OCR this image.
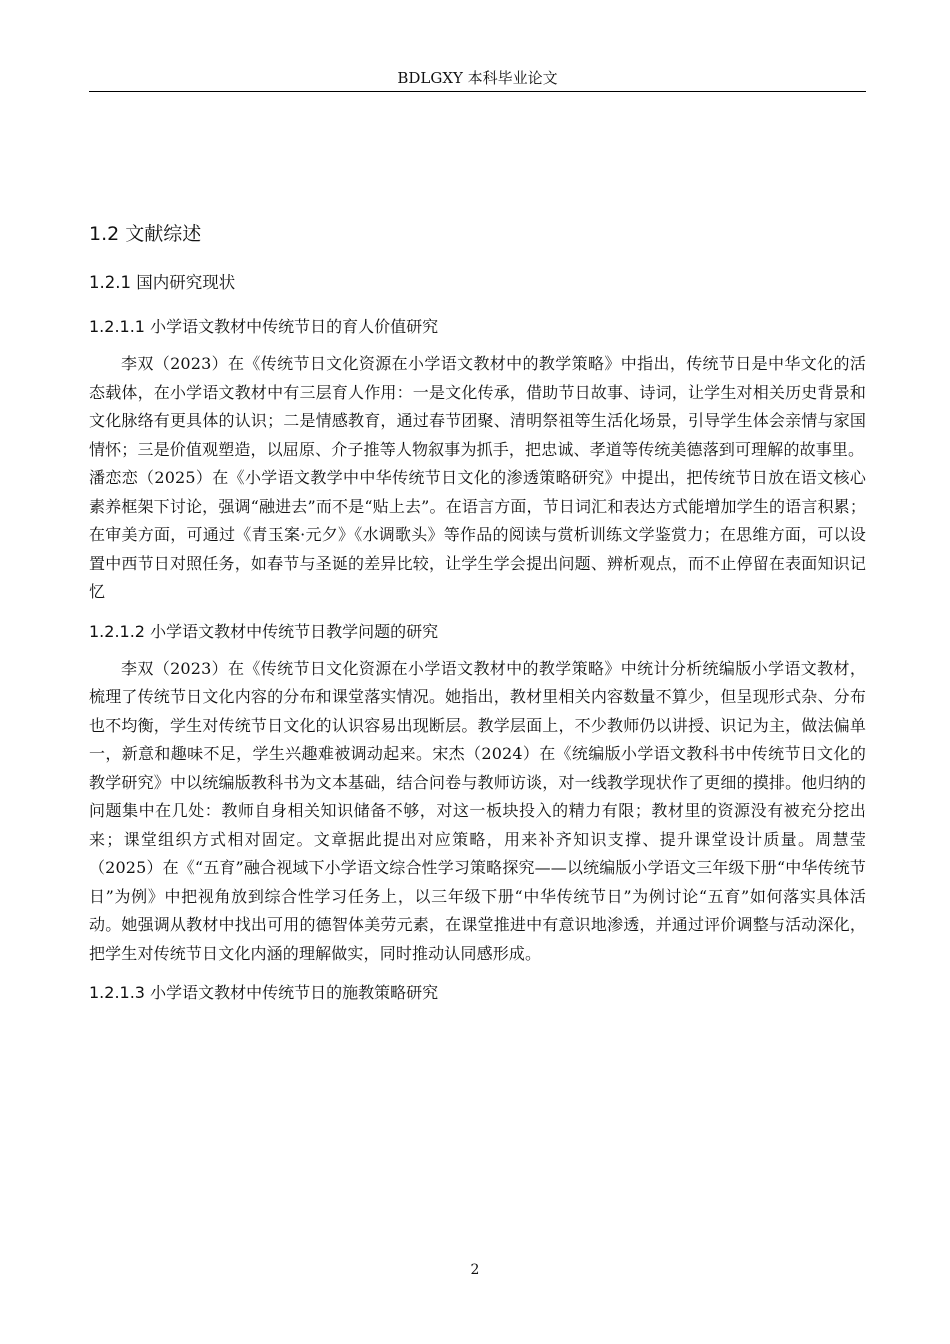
BDLGXY 本科毕业论文
1.2 文献综述
1.2.1 国内研究现状
1.2.1.1 小学语文教材中传统节日的育人价值研究

李双（2023）在《传统节日文化资源在小学语文教材中的教学策略》中指出，传统节日是中华文化的活态载体，在小学语文教材中有三层育人作用：一是文化传承，借助节日故事、诗词，让学生对相关历史背景和文化脉络有更具体的认识；二是情感教育，通过春节团聚、清明祭祖等生活化场景，引导学生体会亲情与家国情怀；三是价值观塑造，以屈原、介子推等人物叙事为抓手，把忠诚、孝道等传统美德落到可理解的故事里。

潘恋恋（2025）在《小学语文教学中中华传统节日文化的渗透策略研究》中提出，把传统节日放在语文核心素养框架下讨论，强调“融进去”而不是“贴上去”。在语言方面，节日词汇和表达方式能增加学生的语言积累；在审美方面，可通过《青玉案·元夕》《水调歌头》等作品的阅读与赏析训练文学鉴赏力；在思维方面，可以设置中西节日对照任务，如春节与圣诞的差异比较，让学生学会提出问题、辨析观点，而不止停留在表面知识记忆

1.2.1.2 小学语文教材中传统节日教学问题的研究

李双（2023）在《传统节日文化资源在小学语文教材中的教学策略》中统计分析统编版小学语文教材，梳理了传统节日文化内容的分布和课堂落实情况。她指出，教材里相关内容数量不算少，但呈现形式杂、分布也不均衡，学生对传统节日文化的认识容易出现断层。教学层面上，不少教师仍以讲授、识记为主，做法偏单一，新意和趣味不足，学生兴趣难被调动起来。宋杰（2024）在《统编版小学语文教科书中传统节日文化的教学研究》中以统编版教科书为文本基础，结合问卷与教师访谈，对一线教学现状作了更细的摸排。他归纳的问题集中在几处：教师自身相关知识储备不够，对这一板块投入的精力有限；教材里的资源没有被充分挖出来；课堂组织方式相对固定。文章据此提出对应策略，用来补齐知识支撑、提升课堂设计质量。周慧莹（2025）在《“五育”融合视域下小学语文综合性学习策略探究——以统编版小学语文三年级下册“中华传统节日”为例》中把视角放到综合性学习任务上，以三年级下册“中华传统节日”为例讨论“五育”如何落实具体活动。她强调从教材中找出可用的德智体美劳元素，在课堂推进中有意识地渗透，并通过评价调整与活动深化，把学生对传统节日文化内涵的理解做实，同时推动认同感形成。

1.2.1.3 小学语文教材中传统节日的施教策略研究
2
